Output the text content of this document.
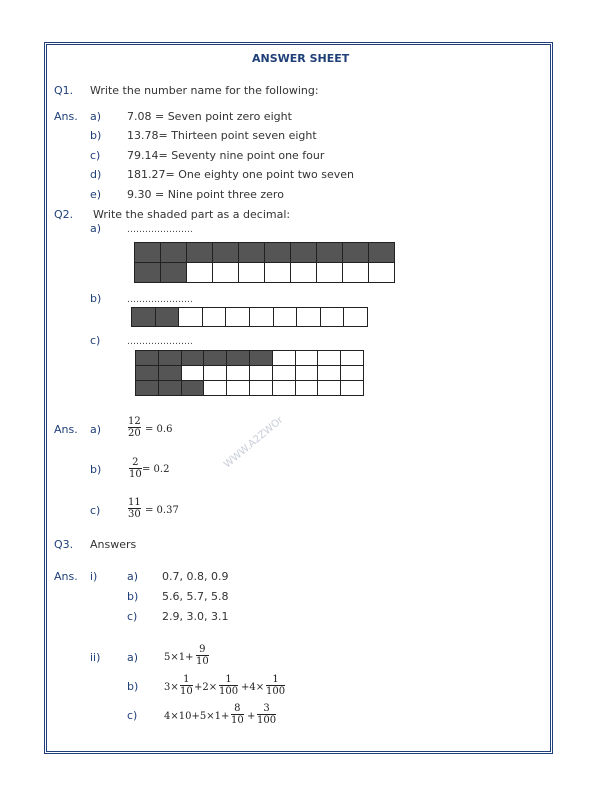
ANSWER SHEET
WWW.A2ZWOr
Q1. Write the number name for the following:
Ans. a) 7.08 = Seven point zero eight
b) 13.78= Thirteen point seven eight
c) 79.14= Seventy nine point one four
d) 181.27= One eighty one point two seven
e) 9.30 = Nine point three zero
Q2. Write the shaded part as a decimal:
a)	………………….
b)	………………….
c)	………………….
Ans. a)
12
20 = 0.6
b)
2
10 = 0.2
c)
11
30 = 0.37
Q3. Answers
Ans. i)	a) 0.7, 0.8, 0.9
b) 5.6, 5.7, 5.8
c) 2.9, 3.0, 3.1
ii) a)	5×1+
9
10
b)	3×
1
10 +2×
1
100 +4×
1
100
c)	4×10+5×1+
8
10 +
3
100
